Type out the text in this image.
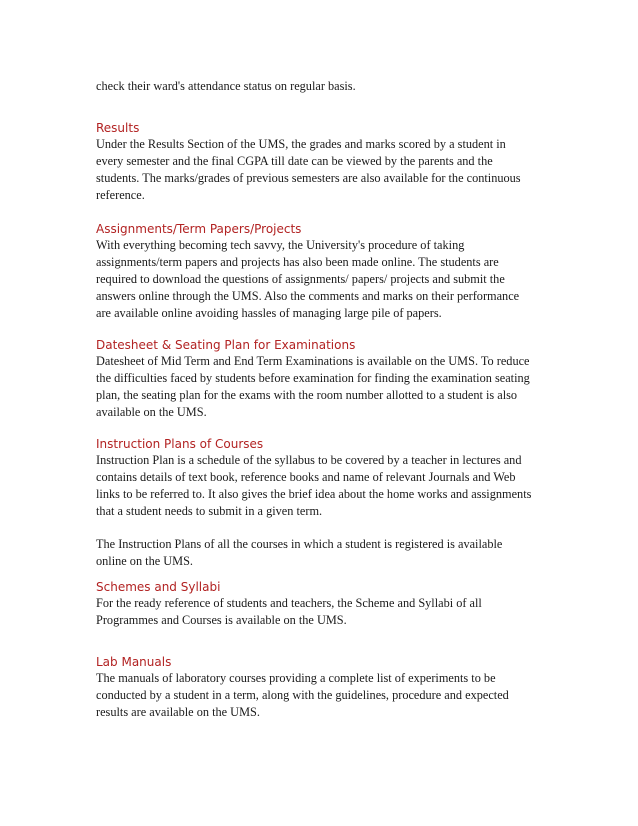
check their ward's attendance status on regular basis.

Results

Under the Results Section of the UMS, the grades and marks scored by a student in

every semester and the final CGPA till date can be viewed by the parents and the

students. The marks/grades of previous semesters are also available for the continuous

reference.

Assignments/Term Papers/Projects

With everything becoming tech savvy, the University's procedure of taking

assignments/term papers and projects has also been made online. The students are

required to download the questions of assignments/ papers/ projects and submit the

answers online through the UMS. Also the comments and marks on their performance

are available online avoiding hassles of managing large pile of papers.

Datesheet & Seating Plan for Examinations

Datesheet of Mid Term and End Term Examinations is available on the UMS. To reduce

the difficulties faced by students before examination for finding the examination seating

plan, the seating plan for the exams with the room number allotted to a student is also

available on the UMS.

Instruction Plans of Courses

Instruction Plan is a schedule of the syllabus to be covered by a teacher in lectures and

contains details of text book, reference books and name of relevant Journals and Web

links to be referred to. It also gives the brief idea about the home works and assignments

that a student needs to submit in a given term.

The Instruction Plans of all the courses in which a student is registered is available

online on the UMS.

Schemes and Syllabi

For the ready reference of students and teachers, the Scheme and Syllabi of all

Programmes and Courses is available on the UMS.

Lab Manuals

The manuals of laboratory courses providing a complete list of experiments to be

conducted by a student in a term, along with the guidelines, procedure and expected

results are available on the UMS.
